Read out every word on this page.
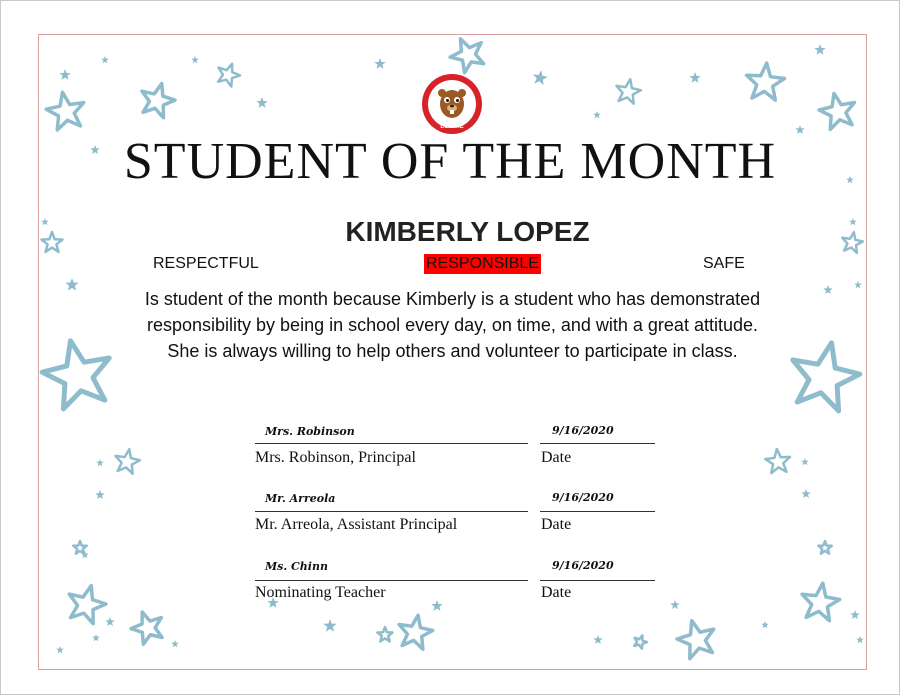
LOWTIE
STUDENT OF THE MONTH
KIMBERLY LOPEZ
RESPECTFUL	RESPONSIBLE	SAFE
Is student of the month because Kimberly is a student who has demonstrated responsibility by being in school every day, on time, and with a great attitude. She is always willing to help others and volunteer to participate in class.
Mrs. Robinson	9/16/2020
Mrs. Robinson, Principal	Date
Mr. Arreola	9/16/2020
Mr. Arreola, Assistant Principal	Date
Ms. Chinn	9/16/2020
Nominating Teacher	Date
